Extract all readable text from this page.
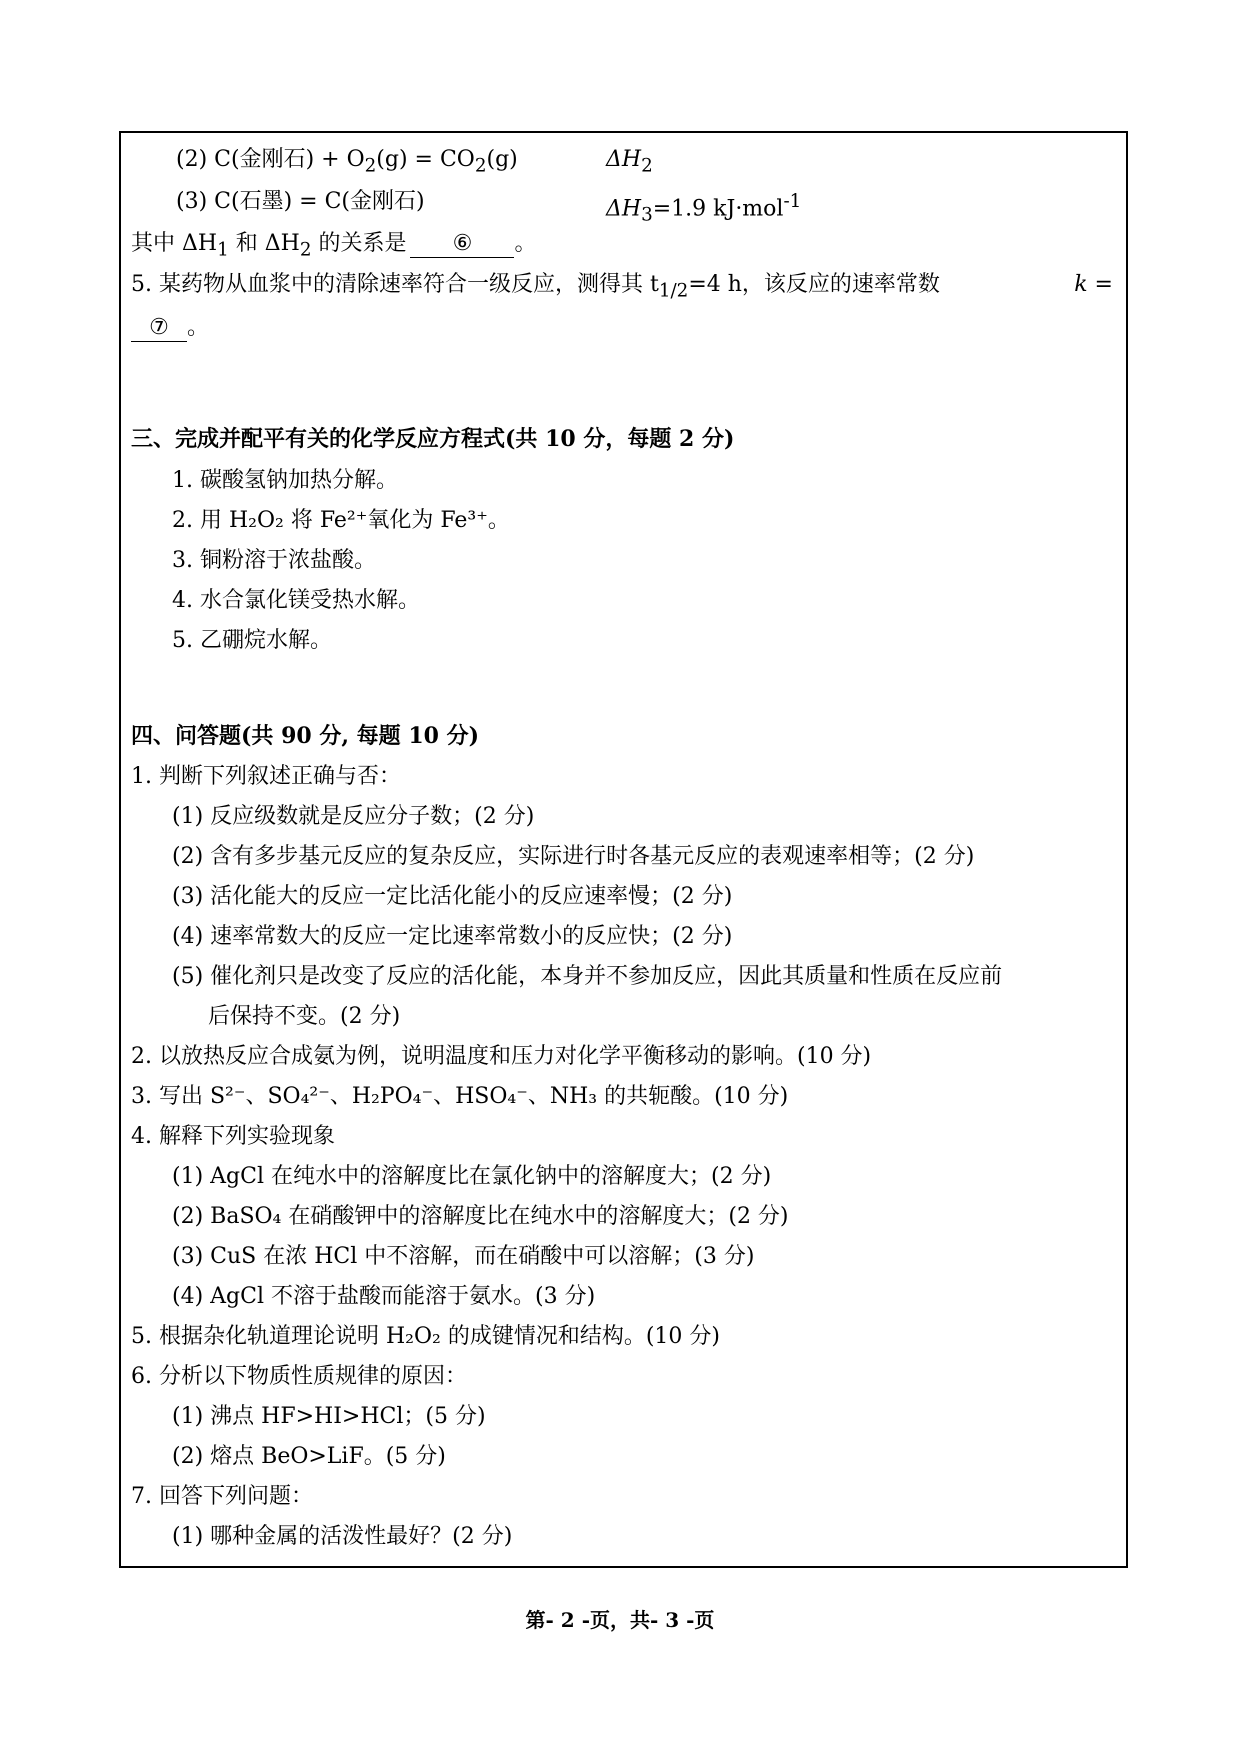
(2) C(金刚石) + $O_2(g) = CO_2(g)$	$\Delta H_2$
(3) C(石墨) = C(金刚石)	$\Delta H_3=1.9$ kJ·mol$^{-1}$
其中 $\Delta H_1$ 和 $\Delta H_2$ 的关系是 ⑥ 。
5. 某药物从血浆中的清除速率符合一级反应，测得其 $t_{1/2}=4$ h，该反应的速率常数	k =
⑦ 。
三、完成并配平有关的化学反应方程式(共 10 分，每题 2 分)
1. 碳酸氢钠加热分解。
2. 用 H₂O₂ 将 Fe²⁺氧化为 Fe³⁺。
3. 铜粉溶于浓盐酸。
4. 水合氯化镁受热水解。
5. 乙硼烷水解。
四、问答题(共 90 分, 每题 10 分)
1. 判断下列叙述正确与否：
(1) 反应级数就是反应分子数；(2 分)
(2) 含有多步基元反应的复杂反应，实际进行时各基元反应的表观速率相等；(2 分)
(3) 活化能大的反应一定比活化能小的反应速率慢；(2 分)
(4) 速率常数大的反应一定比速率常数小的反应快；(2 分)
(5) 催化剂只是改变了反应的活化能，本身并不参加反应，因此其质量和性质在反应前
后保持不变。(2 分)
2. 以放热反应合成氨为例，说明温度和压力对化学平衡移动的影响。(10 分)
3. 写出 S²⁻、SO₄²⁻、H₂PO₄⁻、HSO₄⁻、NH₃ 的共轭酸。(10 分)
4. 解释下列实验现象
(1) AgCl 在纯水中的溶解度比在氯化钠中的溶解度大；(2 分)
(2) BaSO₄ 在硝酸钾中的溶解度比在纯水中的溶解度大；(2 分)
(3) CuS 在浓 HCl 中不溶解，而在硝酸中可以溶解；(3 分)
(4) AgCl 不溶于盐酸而能溶于氨水。(3 分)
5. 根据杂化轨道理论说明 H₂O₂ 的成键情况和结构。(10 分)
6. 分析以下物质性质规律的原因：
(1) 沸点 HF>HI>HCl；(5 分)
(2) 熔点 BeO>LiF。(5 分)
7. 回答下列问题：
(1) 哪种金属的活泼性最好？(2 分)
第- 2 -页，共- 3 -页
